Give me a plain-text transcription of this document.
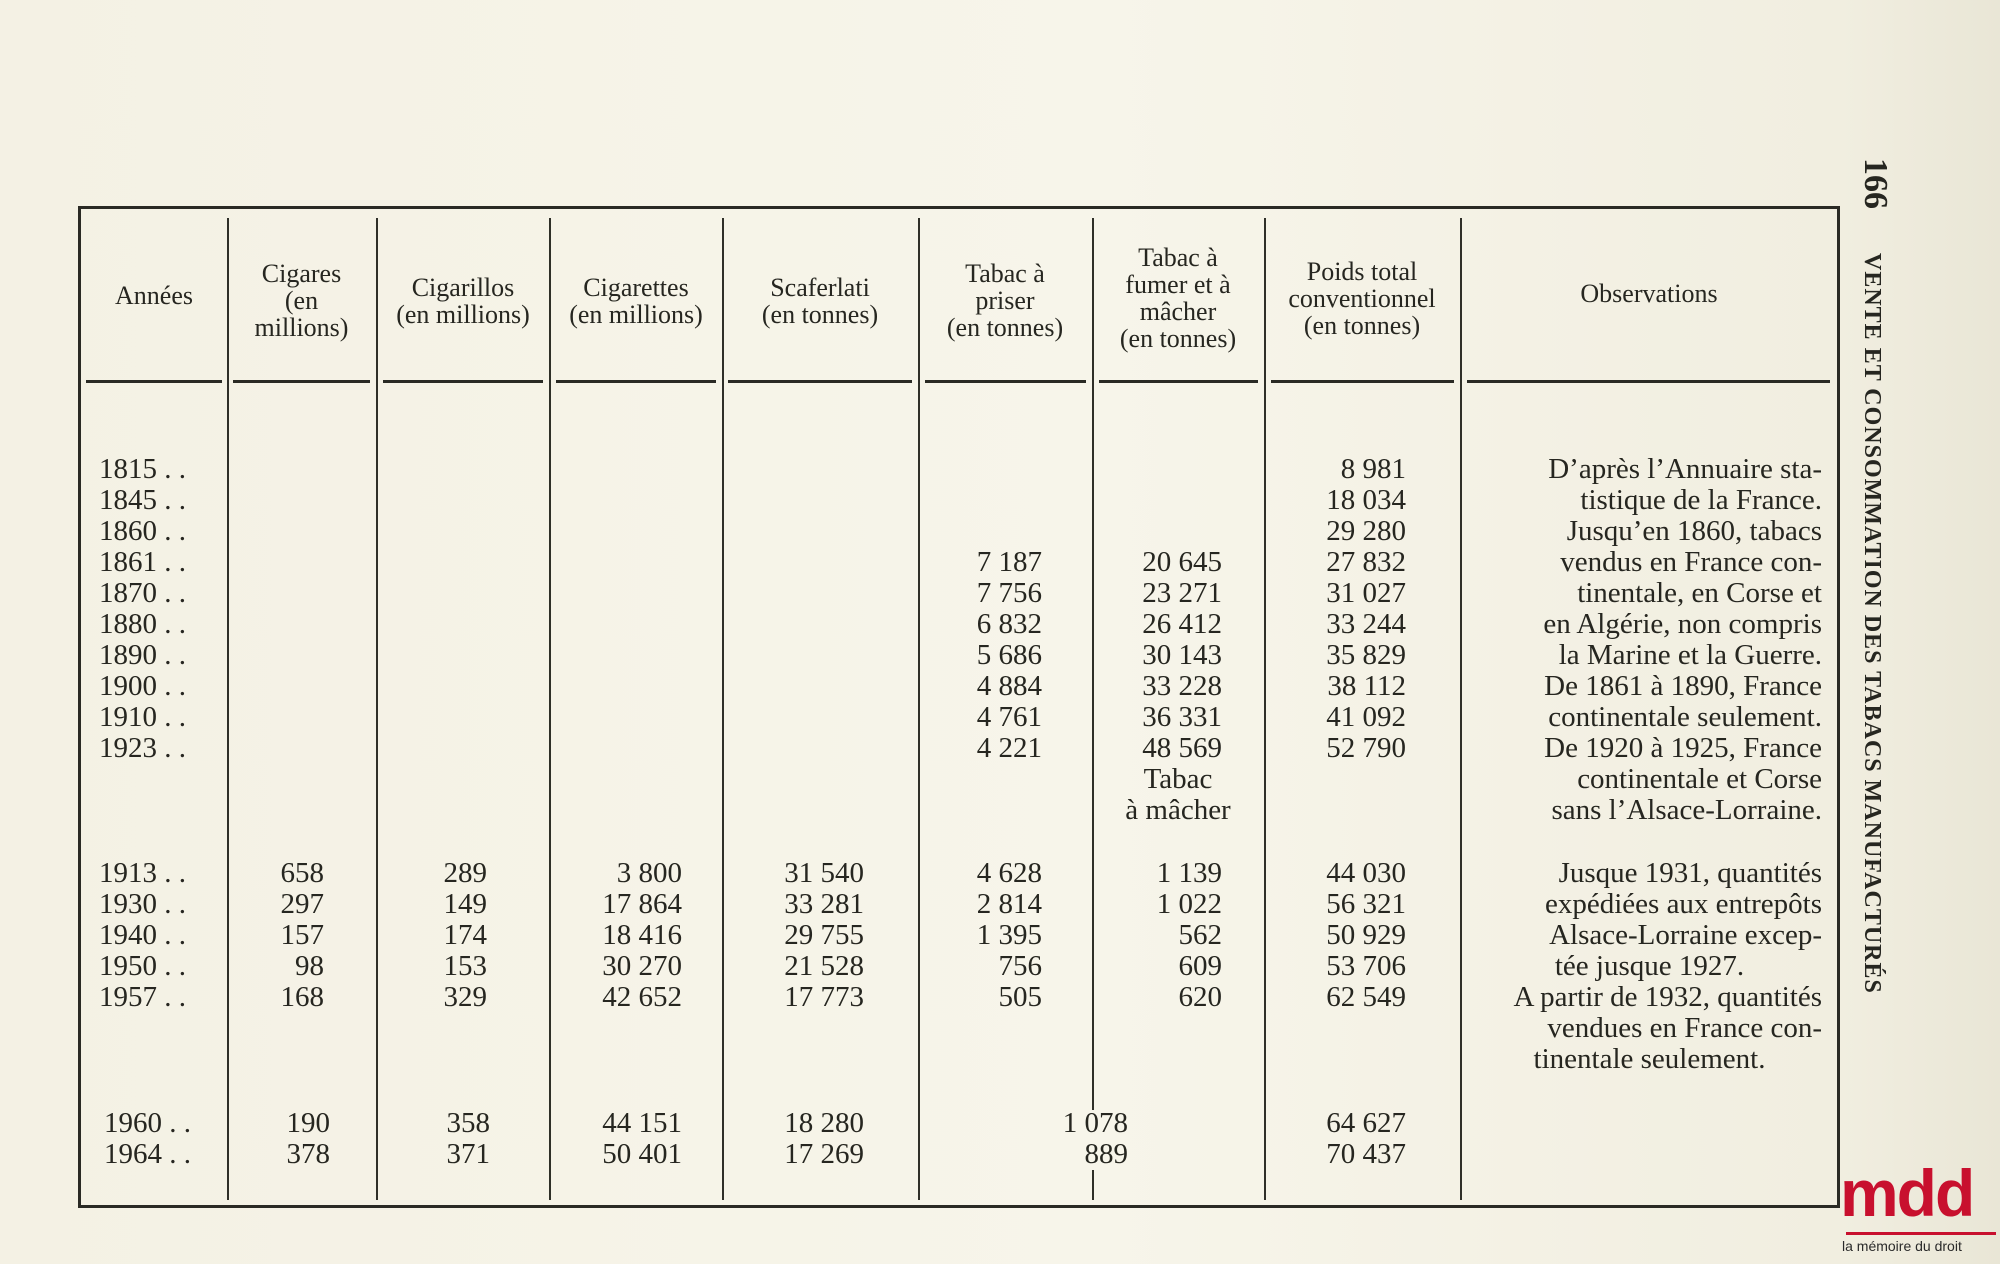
166VENTE ET CONSOMMATION DES TABACS MANUFACTURÉS
Années
Cigares
(en
millions)
Cigarillos
(en millions)
Cigarettes
(en millions)
Scaferlati
(en tonnes)
Tabac à
priser
(en tonnes)
Tabac à
fumer et à
mâcher
(en tonnes)
Poids total
conventionnel
(en tonnes)
Observations
1815 . .
1845 . .
1860 . .
1861 . .
1870 . .
1880 . .
1890 . .
1900 . .
1910 . .
1923 . .

7 187
7 756
6 832
5 686
4 884
4 761
4 221

20 645
23 271
26 412
30 143
33 228
36 331
48 569
Tabac
à mâcher
8 981
18 034
29 280
27 832
31 027
33 244
35 829
38 112
41 092
52 790
1913 . .
1930 . .
1940 . .
1950 . .
1957 . .
658
297
157
98
168
289
149
174
153
329
3 800
17 864
18 416
30 270
42 652
31 540
33 281
29 755
21 528
17 773
4 628
2 814
1 395
756
505
1 139
1 022
562
609
620
44 030
56 321
50 929
53 706
62 549
1960 . .
1964 . .
190
378
358
371
44 151
50 401
18 280
17 269
1 078
889
64 627
70 437
D’après l’Annuaire sta-
tistique de la France.
Jusqu’en 1860, tabacs
vendus en France con-
tinentale, en Corse et
en Algérie, non compris
la Marine et la Guerre.
De 1861 à 1890, France
continentale seulement.
De 1920 à 1925, France
continentale et Corse
sans l’Alsace-Lorraine.
Jusque 1931, quantités
expédiées aux entrepôts
Alsace-Lorraine excep-
tée jusque 1927.
A partir de 1932, quantités
vendues en France con-
tinentale seulement.
mdd
la mémoire du droit
